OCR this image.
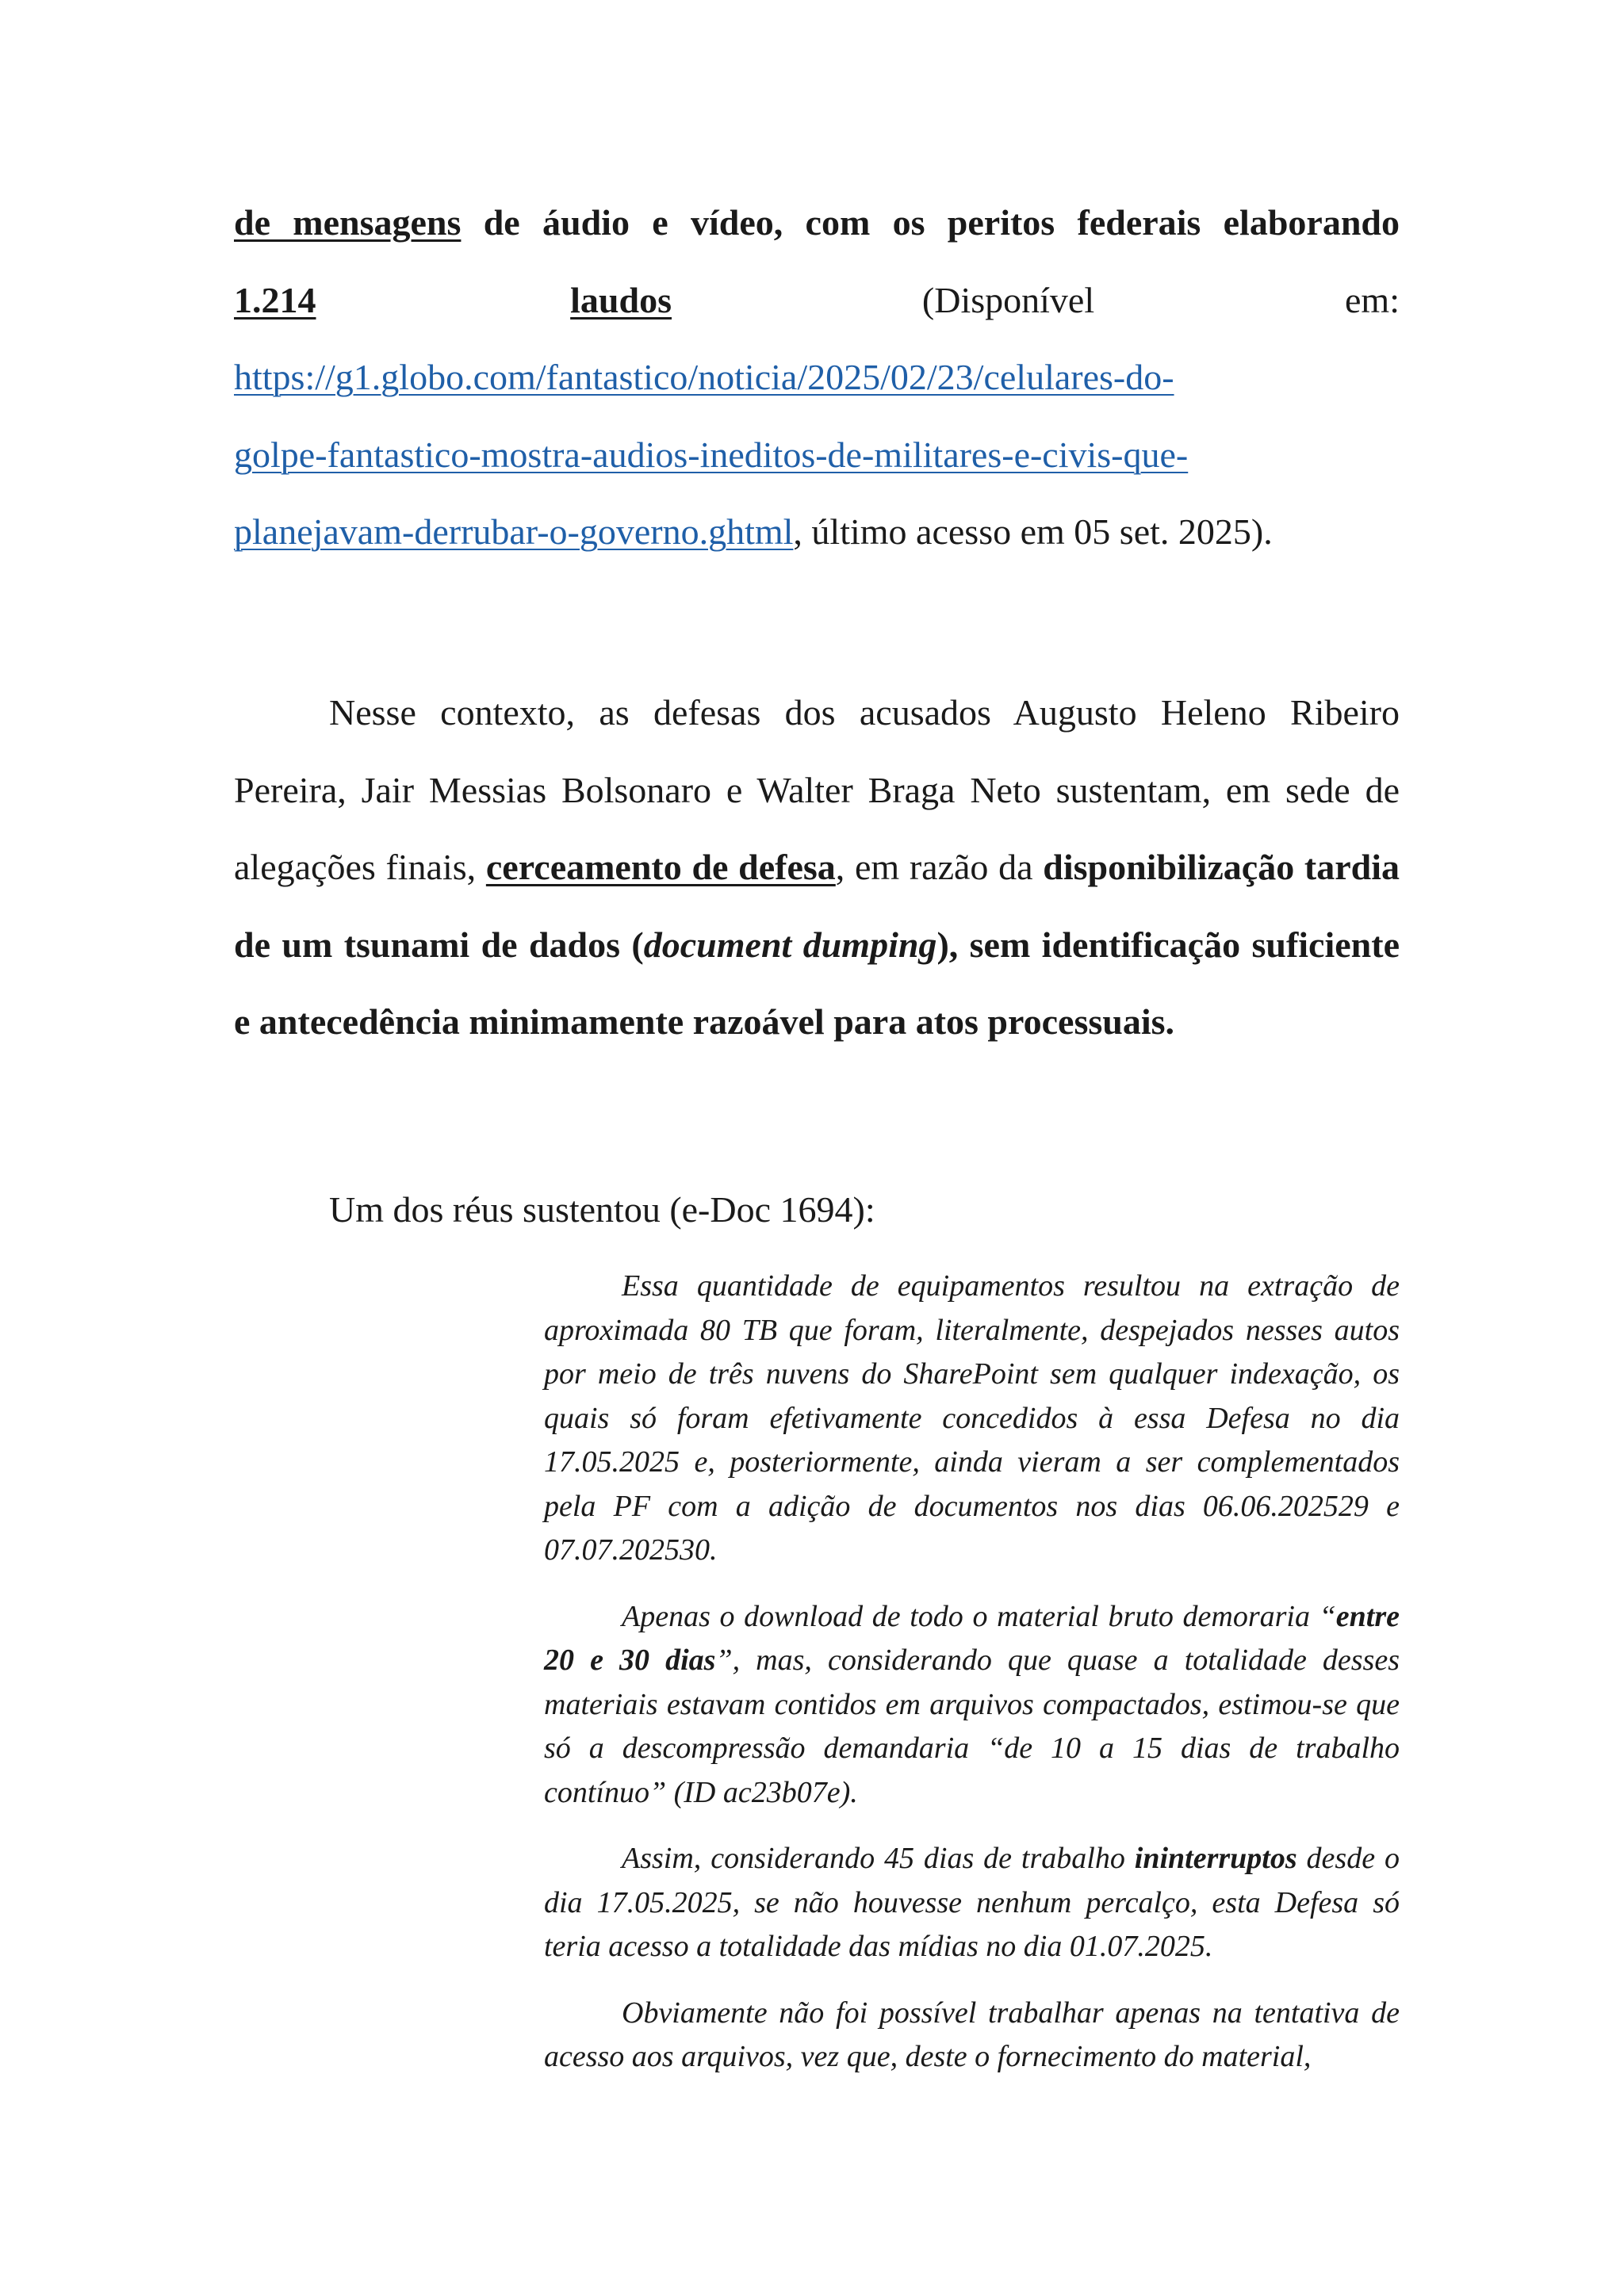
de mensagens de áudio e vídeo, com os peritos federais elaborando
1.214	laudos	(Disponível	em:
https://g1.globo.com/fantastico/noticia/2025/02/23/celulares-do-
golpe-fantastico-mostra-audios-ineditos-de-militares-e-civis-que-
planejavam-derrubar-o-governo.ghtml, último acesso em 05 set. 2025).
Nesse contexto, as defesas dos acusados Augusto Heleno Ribeiro Pereira, Jair Messias Bolsonaro e Walter Braga Neto sustentam, em sede de alegações finais, cerceamento de defesa, em razão da disponibilização tardia de um tsunami de dados (document dumping), sem identificação suficiente e antecedência minimamente razoável para atos processuais.
Um dos réus sustentou (e-Doc 1694):

Essa quantidade de equipamentos resultou na extração de aproximada 80 TB que foram, literalmente, despejados nesses autos por meio de três nuvens do SharePoint sem qualquer indexação, os quais só foram efetivamente concedidos à essa Defesa no dia 17.05.2025 e, posteriormente, ainda vieram a ser complementados pela PF com a adição de documentos nos dias 06.06.202529 e 07.07.202530.

Apenas o download de todo o material bruto demoraria “entre 20 e 30 dias”, mas, considerando que quase a totalidade desses materiais estavam contidos em arquivos compactados, estimou-se que só a descompressão demandaria “de 10 a 15 dias de trabalho contínuo” (ID ac23b07e).

Assim, considerando 45 dias de trabalho ininterruptos desde o dia 17.05.2025, se não houvesse nenhum percalço, esta Defesa só teria acesso a totalidade das mídias no dia 01.07.2025.

Obviamente não foi possível trabalhar apenas na tentativa de acesso aos arquivos, vez que, deste o fornecimento do material,
